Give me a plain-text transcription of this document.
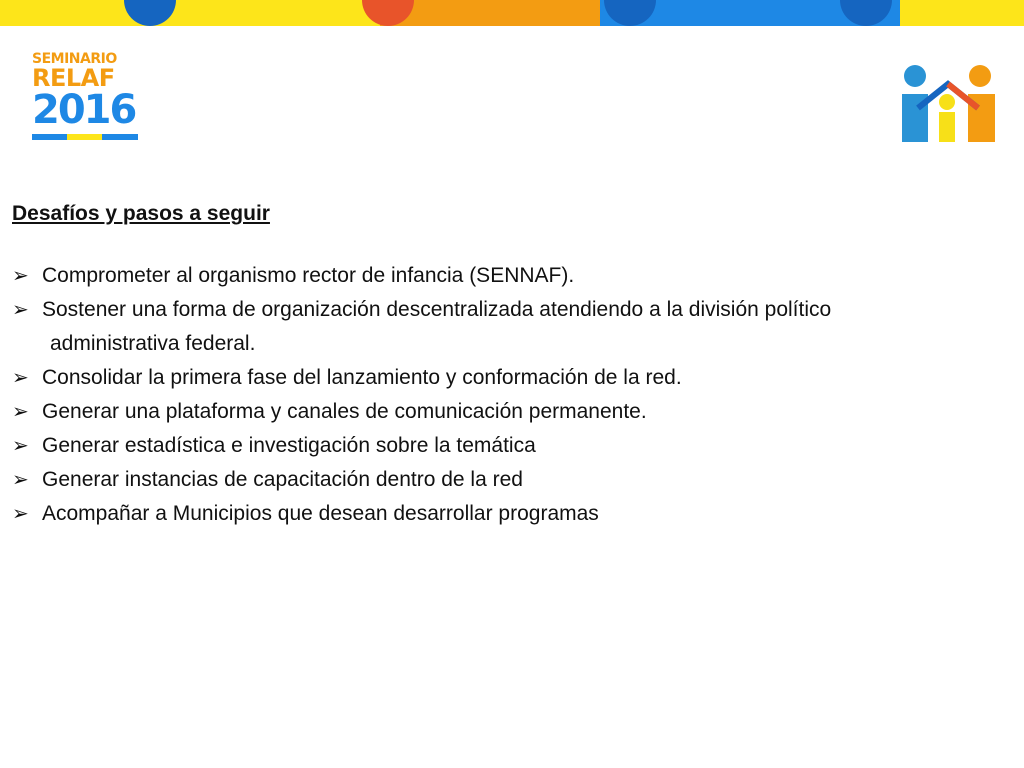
SEMINARIO
RELAF
2016
Desafíos y pasos a seguir
➢ Comprometer al organismo rector de infancia (SENNAF).
➢ Sostener una forma de organización descentralizada atendiendo a la división político
administrativa federal.
➢ Consolidar la primera fase del lanzamiento y conformación de la red.
➢ Generar una plataforma y canales de comunicación permanente.
➢ Generar estadística e investigación sobre la temática
➢ Generar instancias de capacitación dentro de la red
➢ Acompañar a Municipios que desean desarrollar programas
